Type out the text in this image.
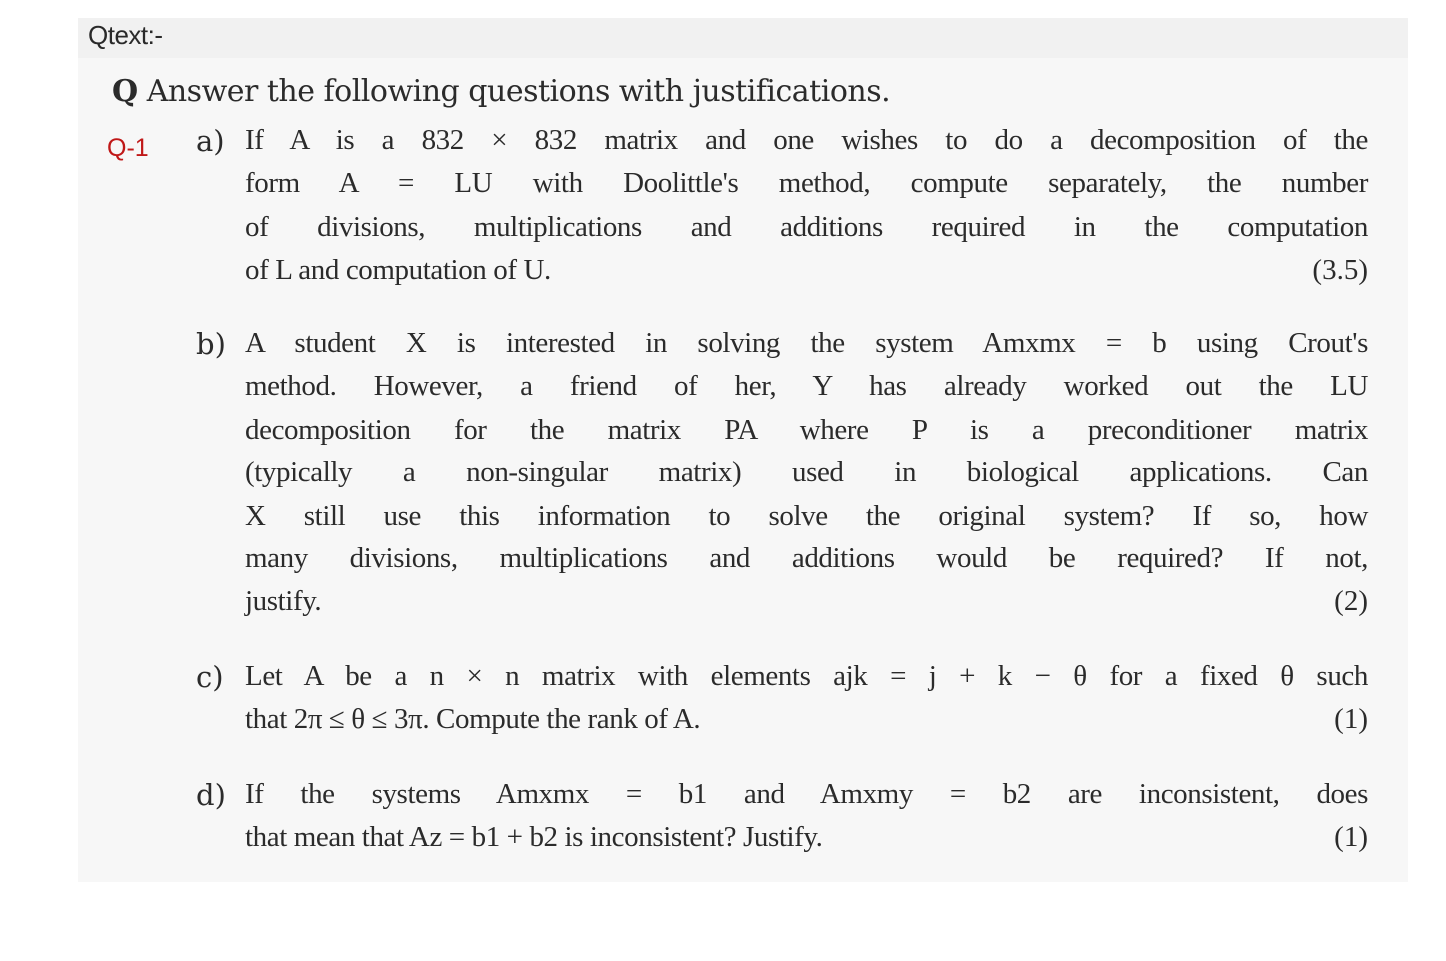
Qtext:-
Q Answer the following questions with justifications.
Q-1 a) If A is a 832 × 832 matrix and one wishes to do a decomposition of the
form A = LU with Doolittle's method, compute separately, the number
of divisions, multiplications and additions required in the computation
of L and computation of U.	(3.5)
b) A student X is interested in solving the system Amxmx = b using Crout's
method. However, a friend of her, Y has already worked out the LU
decomposition for the matrix PA where P is a preconditioner matrix
(typically a non-singular matrix) used in biological applications. Can
X still use this information to solve the original system? If so, how
many divisions, multiplications and additions would be required? If not,
justify.	(2)
c) Let A be a n × n matrix with elements ajk = j + k − θ for a fixed θ such
that 2π ≤ θ ≤ 3π. Compute the rank of A.	(1)
d) If the systems Amxmx = b1 and Amxmy = b2 are inconsistent, does
that mean that Az = b1 + b2 is inconsistent? Justify.	(1)
